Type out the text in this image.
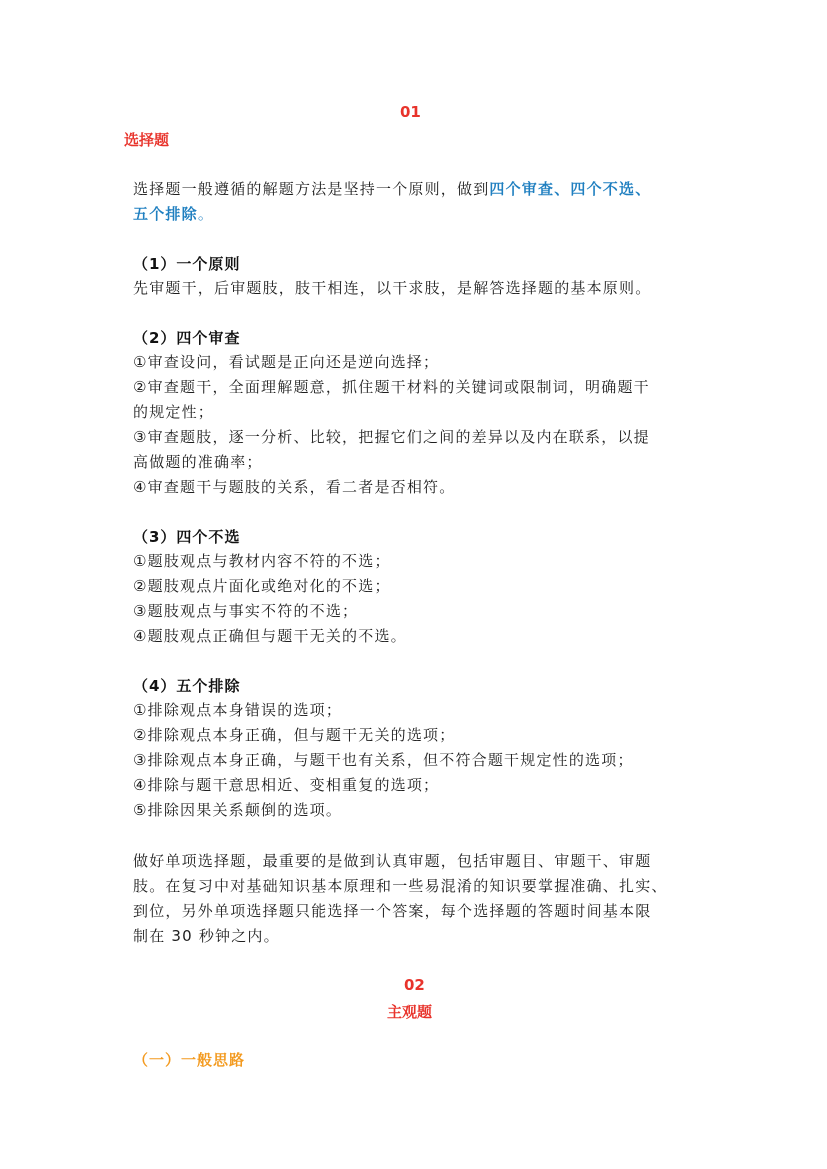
01
选择题
选择题一般遵循的解题方法是坚持一个原则，做到四个审查、四个不选、
五个排除。
（1）一个原则
先审题干，后审题肢，肢干相连，以干求肢，是解答选择题的基本原则。
（2）四个审查
①审查设问，看试题是正向还是逆向选择；
②审查题干，全面理解题意，抓住题干材料的关键词或限制词，明确题干
的规定性；
③审查题肢，逐一分析、比较，把握它们之间的差异以及内在联系，以提
高做题的准确率；
④审查题干与题肢的关系，看二者是否相符。
（3）四个不选
①题肢观点与教材内容不符的不选；
②题肢观点片面化或绝对化的不选；
③题肢观点与事实不符的不选；
④题肢观点正确但与题干无关的不选。
（4）五个排除
①排除观点本身错误的选项；
②排除观点本身正确，但与题干无关的选项；
③排除观点本身正确，与题干也有关系，但不符合题干规定性的选项；
④排除与题干意思相近、变相重复的选项；
⑤排除因果关系颠倒的选项。
做好单项选择题，最重要的是做到认真审题，包括审题目、审题干、审题
肢。在复习中对基础知识基本原理和一些易混淆的知识要掌握准确、扎实、
到位，另外单项选择题只能选择一个答案，每个选择题的答题时间基本限
制在 30 秒钟之内。
02
主观题
（一）一般思路
